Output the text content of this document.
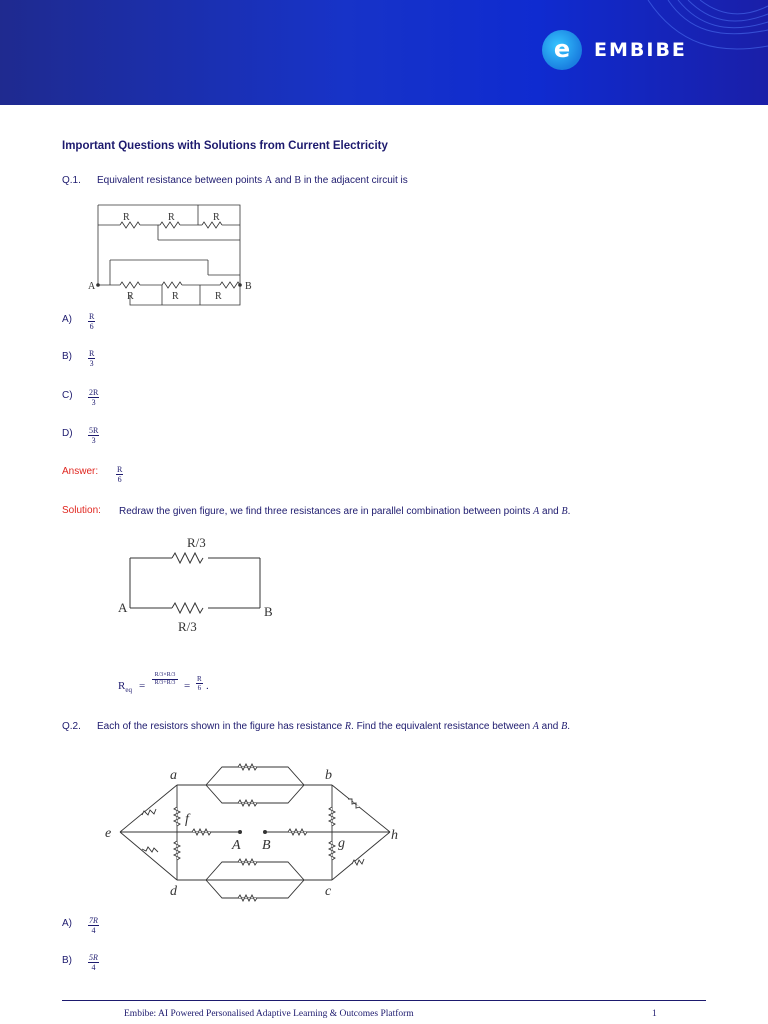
e EMBIBE
Important Questions with Solutions from Current Electricity
Q.1. Equivalent resistance between points A and B in the adjacent circuit is
R	R	R
R	R	R
A	B
$A) \frac{R}{6}$
$B) \frac{R}{3}$
$C) \frac{2R}{3}$
$D) \frac{5R}{3}$
Answer: $\frac{R}{6}$
Solution: Redraw the given figure, we find three resistances are in parallel combination between points A and B.
R/3
R/3
A	B
$R_{eq}$ =
R/3×R/3
$R/3+R/3 = \frac{R}{6}$ .
Q.2. Each of the resistors shown in the figure has resistance R. Find the equivalent resistance between A and B.
a	b
c
d
e
f
g
h
A B
$A) \frac{7R}{4}$
$B) \frac{5R}{4}$
Embibe: AI Powered Personalised Adaptive Learning & Outcomes Platform	1
